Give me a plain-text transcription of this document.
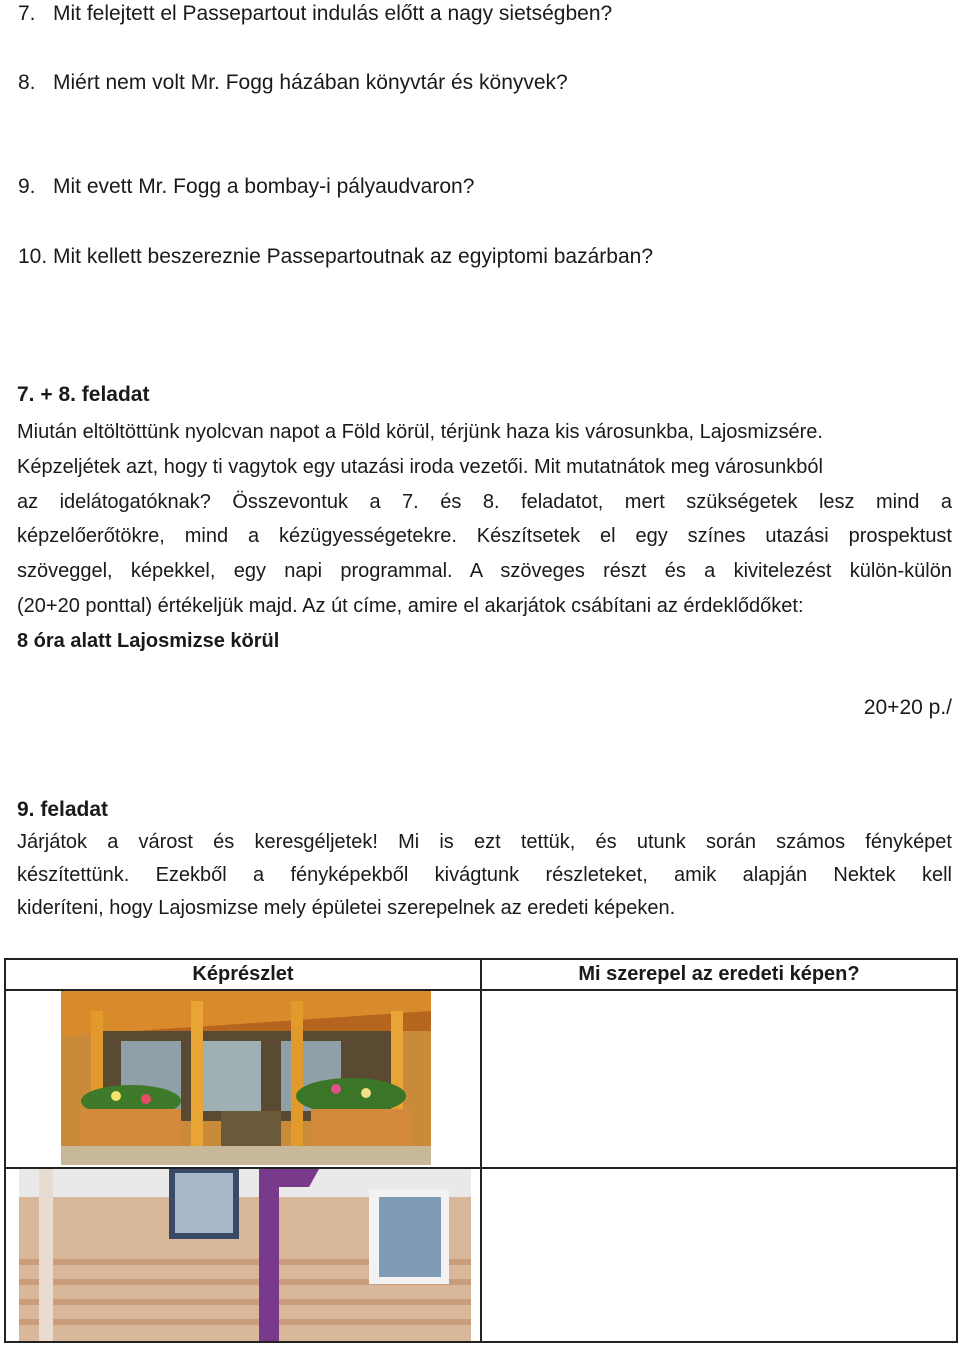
7. Mit felejtett el Passepartout indulás előtt a nagy sietségben?
8. Miért nem volt Mr. Fogg házában könyvtár és könyvek?
9. Mit evett Mr. Fogg a bombay-i pályaudvaron?
10. Mit kellett beszereznie Passepartoutnak az egyiptomi bazárban?
7. + 8. feladat

Miután eltöltöttünk nyolcvan napot a Föld körül, térjünk haza kis városunkba, Lajosmizsére.

Képzeljétek azt, hogy ti vagytok egy utazási iroda vezetői. Mit mutatnátok meg városunkból

az idelátogatóknak? Összevontuk a 7. és 8. feladatot, mert szükségetek lesz mind a

képzelőerőtökre, mind a kézügyességetekre. Készítsetek el egy színes utazási prospektust

szöveggel, képekkel, egy napi programmal. A szöveges részt és a kivitelezést külön-külön

(20+20 ponttal) értékeljük majd. Az út címe, amire el akarjátok csábítani az érdeklődőket:

8 óra alatt Lajosmizse körül

20+20 p./
9. feladat

Járjátok a várost és keresgéljetek! Mi is ezt tettük, és utunk során számos fényképet

készítettünk. Ezekből a fényképekből kivágtunk részleteket, amik alapján Nektek kell

kideríteni, hogy Lajosmizse mely épületei szerepelnek az eredeti képeken.

Képrészlet	Mi szerepel az eredeti képen?
